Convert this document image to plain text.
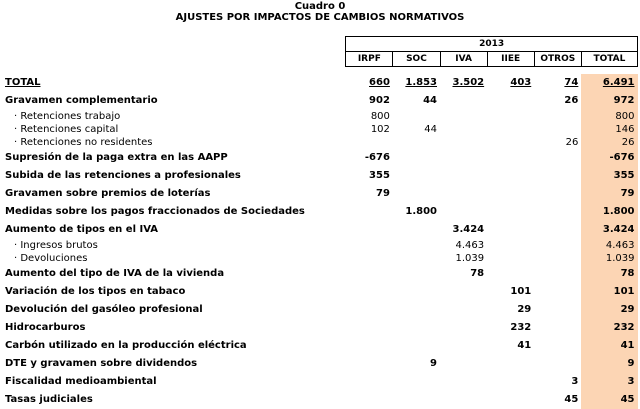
Cuadro 0
AJUSTES POR IMPACTOS DE CAMBIOS NORMATIVOS
	2013					
	IRPF	SOC	IVA	IIEE	OTROS	TOTAL

TOTAL	660	1.853	3.502	403	74	6.491
Gravamen complementario	902	44			26	972
· Retenciones trabajo	800					800
· Retenciones capital	102	44				146
· Retenciones no residentes					26	26
Supresión de la paga extra en las AAPP	-676					-676
Subida de las retenciones a profesionales	355					355
Gravamen sobre premios de loterías	79					79
Medidas sobre los pagos fraccionados de Sociedades		1.800				1.800
Aumento de tipos en el IVA			3.424			3.424
· Ingresos brutos			4.463			4.463
· Devoluciones			1.039			1.039
Aumento del tipo de IVA de la vivienda			78			78
Variación de los tipos en tabaco				101		101
Devolución del gasóleo profesional				29		29
Hidrocarburos				232		232
Carbón utilizado en la producción eléctrica				41		41
DTE y gravamen sobre dividendos		9				9
Fiscalidad medioambiental					3	3
Tasas judiciales					45	45
